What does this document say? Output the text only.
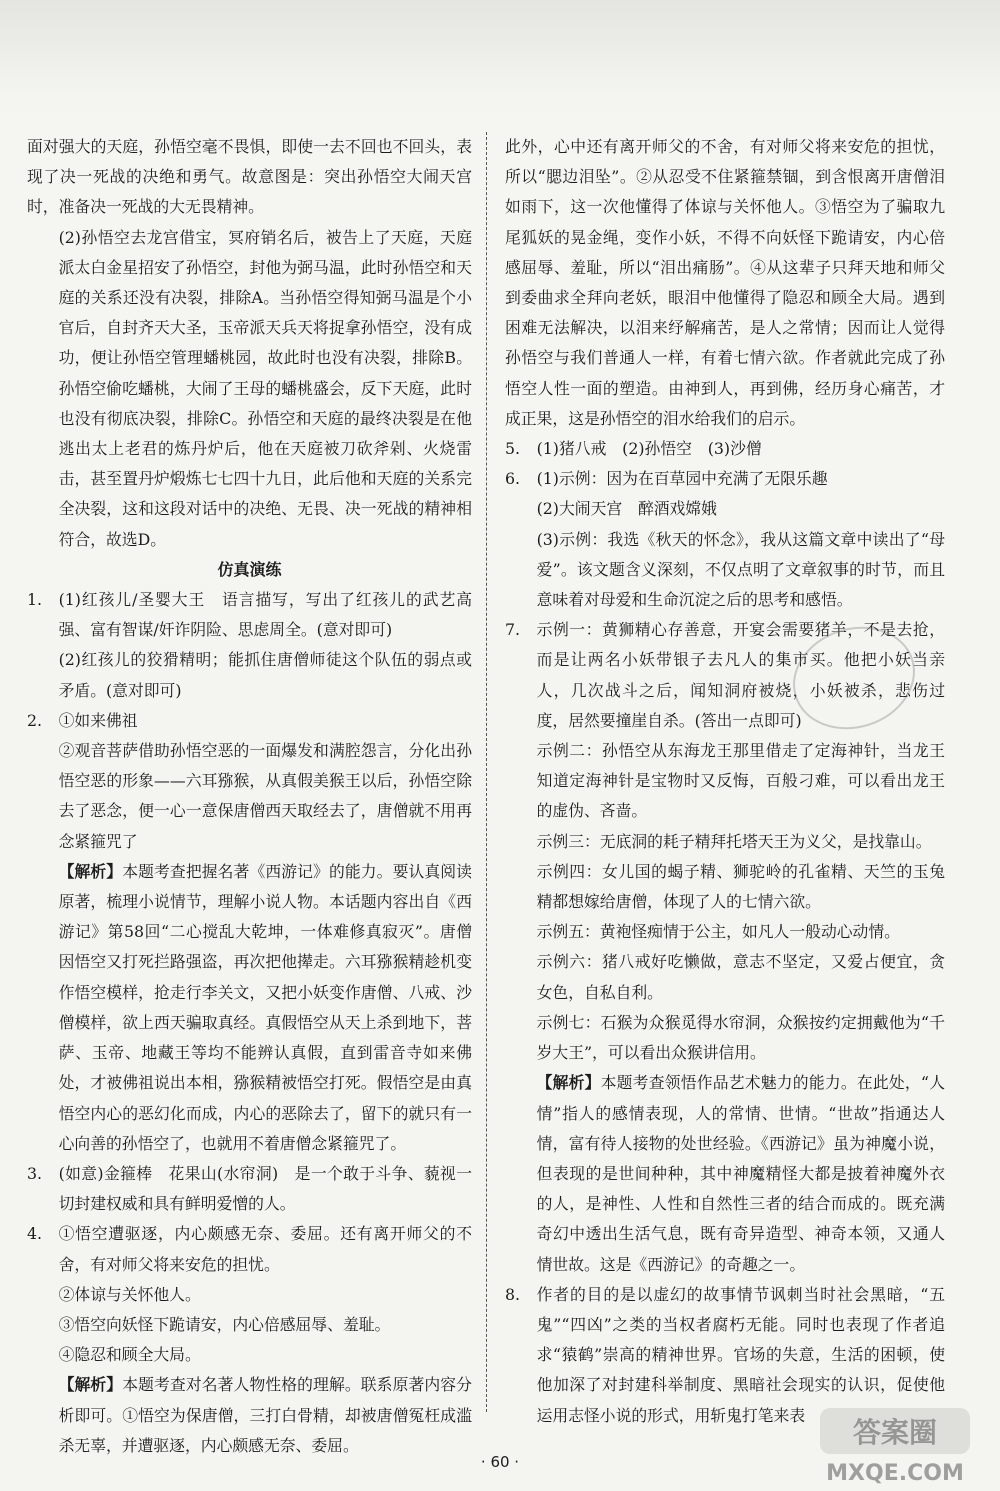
面对强大的天庭，孙悟空毫不畏惧，即使一去不回也不回头，表现了决一死战的决绝和勇气。故意图是：突出孙悟空大闹天宫时，准备决一死战的大无畏精神。

(2)孙悟空去龙宫借宝，冥府销名后，被告上了天庭，天庭派太白金星招安了孙悟空，封他为弼马温，此时孙悟空和天庭的关系还没有决裂，排除A。当孙悟空得知弼马温是个小官后，自封齐天大圣，玉帝派天兵天将捉拿孙悟空，没有成功，便让孙悟空管理蟠桃园，故此时也没有决裂，排除B。孙悟空偷吃蟠桃，大闹了王母的蟠桃盛会，反下天庭，此时也没有彻底决裂，排除C。孙悟空和天庭的最终决裂是在他逃出太上老君的炼丹炉后，他在天庭被刀砍斧剁、火烧雷击，甚至置丹炉煅炼七七四十九日，此后他和天庭的关系完全决裂，这和这段对话中的决绝、无畏、决一死战的精神相符合，故选D。

仿真演练

1.	(1)红孩儿/圣婴大王　语言描写，写出了红孩儿的武艺高强、富有智谋/奸诈阴险、思虑周全。(意对即可)

(2)红孩儿的狡猾精明；能抓住唐僧师徒这个队伍的弱点或矛盾。(意对即可)

2.	①如来佛祖

②观音菩萨借助孙悟空恶的一面爆发和满腔怨言，分化出孙悟空恶的形象——六耳猕猴，从真假美猴王以后，孙悟空除去了恶念，便一心一意保唐僧西天取经去了，唐僧就不用再念紧箍咒了

【解析】本题考查把握名著《西游记》的能力。要认真阅读原著，梳理小说情节，理解小说人物。本话题内容出自《西游记》第58回“二心搅乱大乾坤，一体难修真寂灭”。唐僧因悟空又打死拦路强盗，再次把他撵走。六耳猕猴精趁机变作悟空模样，抢走行李关文，又把小妖变作唐僧、八戒、沙僧模样，欲上西天骗取真经。真假悟空从天上杀到地下，菩萨、玉帝、地藏王等均不能辨认真假，直到雷音寺如来佛处，才被佛祖说出本相，猕猴精被悟空打死。假悟空是由真悟空内心的恶幻化而成，内心的恶除去了，留下的就只有一心向善的孙悟空了，也就用不着唐僧念紧箍咒了。

3.	(如意)金箍棒　花果山(水帘洞)　是一个敢于斗争、藐视一切封建权威和具有鲜明爱憎的人。

4.	①悟空遭驱逐，内心颇感无奈、委屈。还有离开师父的不舍，有对师父将来安危的担忧。

②体谅与关怀他人。

③悟空向妖怪下跪请安，内心倍感屈辱、羞耻。

④隐忍和顾全大局。

【解析】本题考查对名著人物性格的理解。联系原著内容分析即可。①悟空为保唐僧，三打白骨精，却被唐僧冤枉成滥杀无辜，并遭驱逐，内心颇感无奈、委屈。

此外，心中还有离开师父的不舍，有对师父将来安危的担忧，所以“腮边泪坠”。②从忍受不住紧箍禁锢，到含恨离开唐僧泪如雨下，这一次他懂得了体谅与关怀他人。③悟空为了骗取九尾狐妖的晃金绳，变作小妖，不得不向妖怪下跪请安，内心倍感屈辱、羞耻，所以“泪出痛肠”。④从这辈子只拜天地和师父到委曲求全拜向老妖，眼泪中他懂得了隐忍和顾全大局。遇到困难无法解决，以泪来纾解痛苦，是人之常情；因而让人觉得孙悟空与我们普通人一样，有着七情六欲。作者就此完成了孙悟空人性一面的塑造。由神到人，再到佛，经历身心痛苦，才成正果，这是孙悟空的泪水给我们的启示。

5.	(1)猪八戒　(2)孙悟空　(3)沙僧

6.	(1)示例：因为在百草园中充满了无限乐趣

(2)大闹天宫　醉酒戏嫦娥

(3)示例：我选《秋天的怀念》，我从这篇文章中读出了“母爱”。该文题含义深刻，不仅点明了文章叙事的时节，而且意味着对母爱和生命沉淀之后的思考和感悟。

7.	示例一：黄狮精心存善意，开宴会需要猪羊，不是去抢，而是让两名小妖带银子去凡人的集市买。他把小妖当亲人，几次战斗之后，闻知洞府被烧，小妖被杀，悲伤过度，居然要撞崖自杀。(答出一点即可)

示例二：孙悟空从东海龙王那里借走了定海神针，当龙王知道定海神针是宝物时又反悔，百般刁难，可以看出龙王的虚伪、吝啬。

示例三：无底洞的耗子精拜托塔天王为义父，是找靠山。

示例四：女儿国的蝎子精、狮驼岭的孔雀精、天竺的玉兔精都想嫁给唐僧，体现了人的七情六欲。

示例五：黄袍怪痴情于公主，如凡人一般动心动情。

示例六：猪八戒好吃懒做，意志不坚定，又爱占便宜，贪女色，自私自利。

示例七：石猴为众猴觅得水帘洞，众猴按约定拥戴他为“千岁大王”，可以看出众猴讲信用。

【解析】本题考查领悟作品艺术魅力的能力。在此处，“人情”指人的感情表现，人的常情、世情。“世故”指通达人情，富有待人接物的处世经验。《西游记》虽为神魔小说，但表现的是世间种种，其中神魔精怪大都是披着神魔外衣的人，是神性、人性和自然性三者的结合而成的。既充满奇幻中透出生活气息，既有奇异造型、神奇本领，又通人情世故。这是《西游记》的奇趣之一。

8.	作者的目的是以虚幻的故事情节讽刺当时社会黑暗，“五鬼”“四凶”之类的当权者腐朽无能。同时也表现了作者追求“猿鹤”崇高的精神世界。官场的失意，生活的困顿，使他加深了对封建科举制度、黑暗社会现实的认识，促使他运用志怪小说的形式，用斩鬼打笔来表

· 60 ·
答案圈
MXQE.COM
